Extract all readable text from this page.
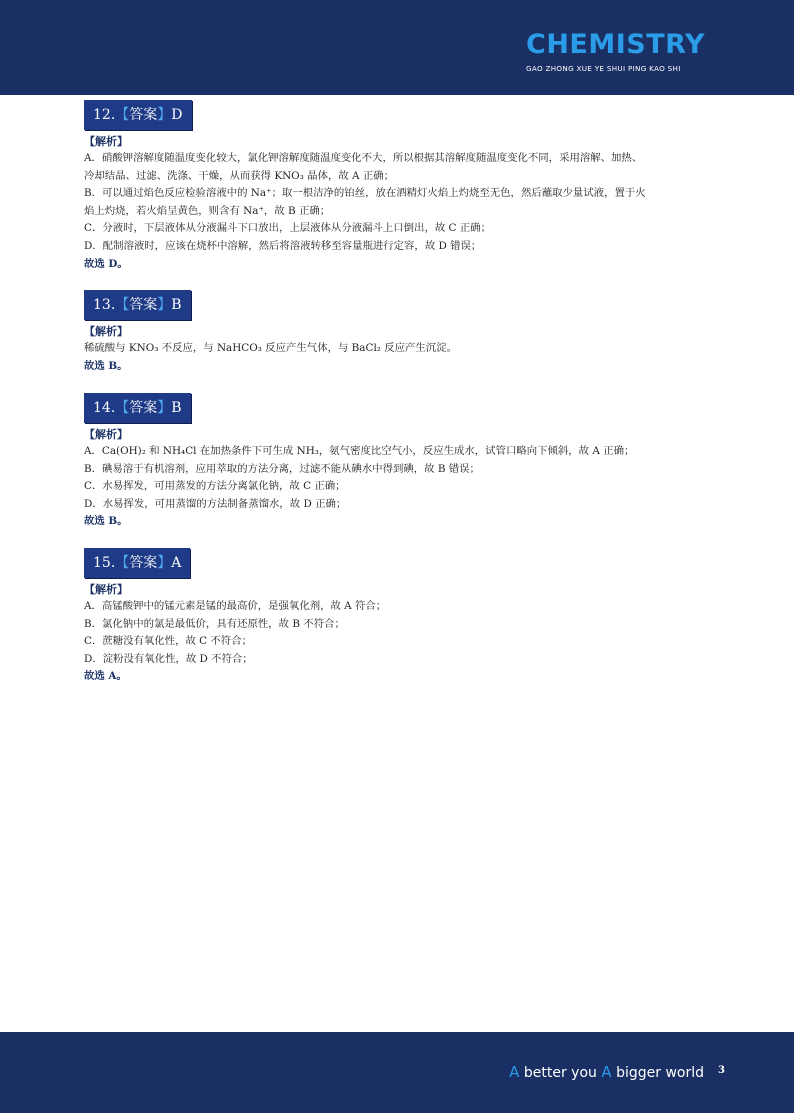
CHEMISTRY
GAO ZHONG XUE YE SHUI PING KAO SHI
12.【答案】D
【解析】
A．硝酸钾溶解度随温度变化较大，氯化钾溶解度随温度变化不大，所以根据其溶解度随温度变化不同，采用溶解、加热、
冷却结晶、过滤、洗涤、干燥，从而获得 KNO₃ 晶体，故 A 正确；
B．可以通过焰色反应检验溶液中的 Na⁺；取一根洁净的铂丝，放在酒精灯火焰上灼烧至无色，然后蘸取少量试液，置于火
焰上灼烧，若火焰呈黄色，则含有 Na⁺，故 B 正确；
C．分液时，下层液体从分液漏斗下口放出，上层液体从分液漏斗上口倒出，故 C 正确；
D．配制溶液时，应该在烧杯中溶解，然后将溶液转移至容量瓶进行定容，故 D 错误；
故选 D。
13.【答案】B
【解析】
稀硫酸与 KNO₃ 不反应，与 NaHCO₃ 反应产生气体，与 BaCl₂ 反应产生沉淀。
故选 B。
14.【答案】B
【解析】
A．Ca(OH)₂ 和 NH₄Cl 在加热条件下可生成 NH₃，氨气密度比空气小，反应生成水，试管口略向下倾斜，故 A 正确；
B．碘易溶于有机溶剂，应用萃取的方法分离，过滤不能从碘水中得到碘，故 B 错误；
C．水易挥发，可用蒸发的方法分离氯化钠，故 C 正确；
D．水易挥发，可用蒸馏的方法制备蒸馏水，故 D 正确；
故选 B。
15.【答案】A
【解析】
A．高锰酸钾中的锰元素是锰的最高价，是强氧化剂，故 A 符合；
B．氯化钠中的氯是最低价，具有还原性，故 B 不符合；
C．蔗糖没有氧化性，故 C 不符合；
D．淀粉没有氧化性，故 D 不符合；
故选 A。
A better you A bigger world 3
